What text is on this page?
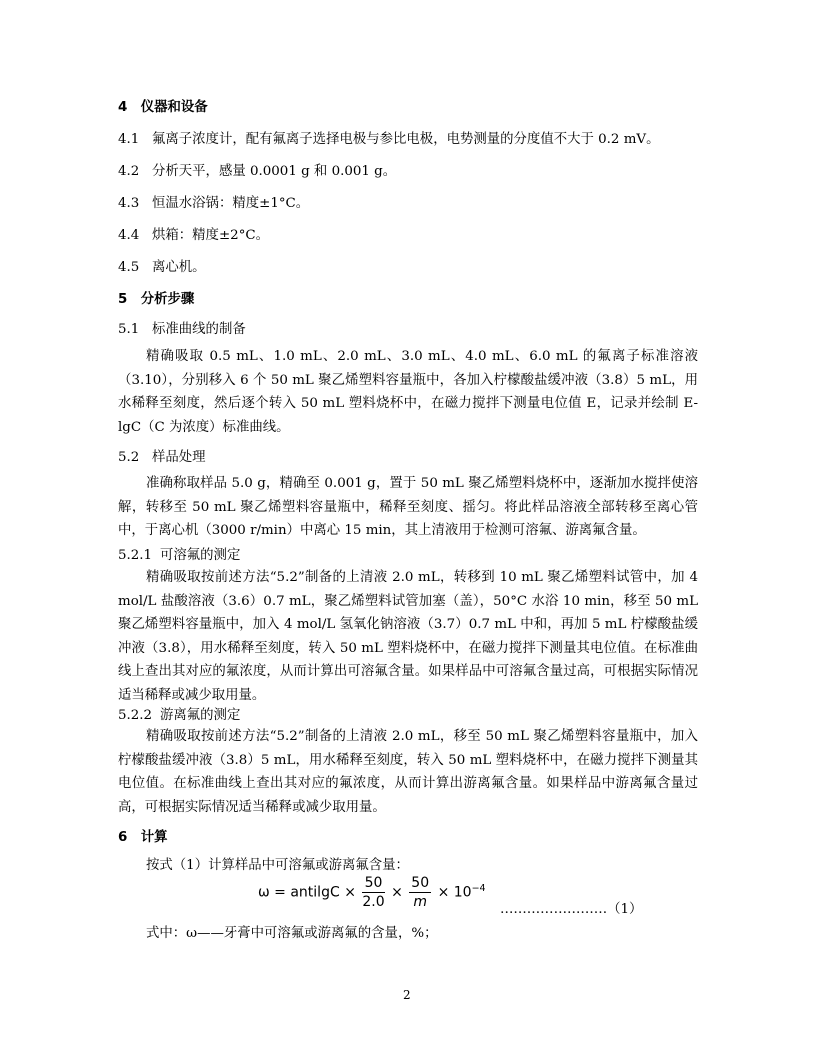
4　仪器和设备
4.1 氟离子浓度计，配有氟离子选择电极与参比电极，电势测量的分度值不大于 0.2 mV。
4.2 分析天平，感量 0.0001 g 和 0.001 g。
4.3 恒温水浴锅：精度±1°C。
4.4 烘箱：精度±2°C。
4.5 离心机。
5　分析步骤
5.1 标准曲线的制备
精确吸取 0.5 mL、1.0 mL、2.0 mL、3.0 mL、4.0 mL、6.0 mL 的氟离子标准溶液（3.10），分别移入 6 个 50 mL 聚乙烯塑料容量瓶中，各加入柠檬酸盐缓冲液（3.8）5 mL，用水稀释至刻度，然后逐个转入 50 mL 塑料烧杯中，在磁力搅拌下测量电位值 E，记录并绘制 E-lgC（C 为浓度）标准曲线。
5.2 样品处理
准确称取样品 5.0 g，精确至 0.001 g，置于 50 mL 聚乙烯塑料烧杯中，逐渐加水搅拌使溶解，转移至 50 mL 聚乙烯塑料容量瓶中，稀释至刻度、摇匀。将此样品溶液全部转移至离心管中，于离心机（3000 r/min）中离心 15 min，其上清液用于检测可溶氟、游离氟含量。
5.2.1 可溶氟的测定
精确吸取按前述方法“5.2”制备的上清液 2.0 mL，转移到 10 mL 聚乙烯塑料试管中，加 4 mol/L 盐酸溶液（3.6）0.7 mL，聚乙烯塑料试管加塞（盖），50°C 水浴 10 min，移至 50 mL 聚乙烯塑料容量瓶中，加入 4 mol/L 氢氧化钠溶液（3.7）0.7 mL 中和，再加 5 mL 柠檬酸盐缓冲液（3.8），用水稀释至刻度，转入 50 mL 塑料烧杯中，在磁力搅拌下测量其电位值。在标准曲线上查出其对应的氟浓度，从而计算出可溶氟含量。如果样品中可溶氟含量过高，可根据实际情况适当稀释或减少取用量。
5.2.2 游离氟的测定
精确吸取按前述方法“5.2”制备的上清液 2.0 mL，移至 50 mL 聚乙烯塑料容量瓶中，加入柠檬酸盐缓冲液（3.8）5 mL，用水稀释至刻度，转入 50 mL 塑料烧杯中，在磁力搅拌下测量其电位值。在标准曲线上查出其对应的氟浓度，从而计算出游离氟含量。如果样品中游离氟含量过高，可根据实际情况适当稀释或减少取用量。
6　计算
按式（1）计算样品中可溶氟或游离氟含量：
ω = antilgC × $\frac{50}{2.0} \times \frac{50}{m} \times 10^{-4}$
……………………（1）
式中：ω——牙膏中可溶氟或游离氟的含量，%；
2
